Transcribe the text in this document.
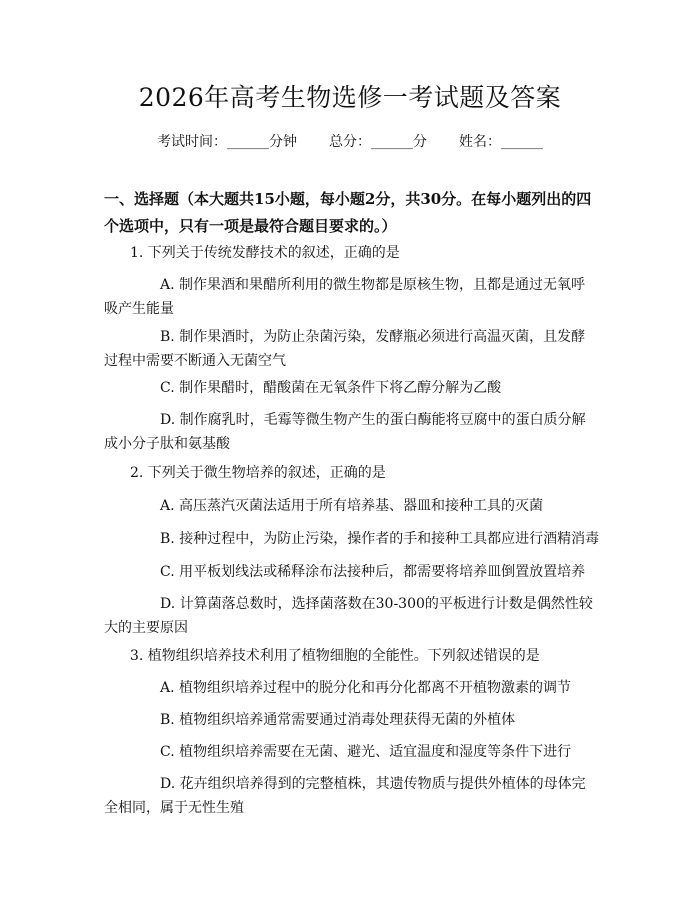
2026年高考生物选修一考试题及答案
考试时间：______分钟 总分：______分 姓名：______
一、选择题（本大题共15小题，每小题2分，共30分。在每小题列出的四个选项中，只有一项是最符合题目要求的。）
1. 下列关于传统发酵技术的叙述，正确的是
A. 制作果酒和果醋所利用的微生物都是原核生物，且都是通过无氧呼吸产生能量
B. 制作果酒时，为防止杂菌污染，发酵瓶必须进行高温灭菌，且发酵过程中需要不断通入无菌空气
C. 制作果醋时，醋酸菌在无氧条件下将乙醇分解为乙酸
D. 制作腐乳时，毛霉等微生物产生的蛋白酶能将豆腐中的蛋白质分解成小分子肽和氨基酸
2. 下列关于微生物培养的叙述，正确的是
A. 高压蒸汽灭菌法适用于所有培养基、器皿和接种工具的灭菌
B. 接种过程中，为防止污染，操作者的手和接种工具都应进行酒精消毒
C. 用平板划线法或稀释涂布法接种后，都需要将培养皿倒置放置培养
D. 计算菌落总数时，选择菌落数在30-300的平板进行计数是偶然性较大的主要原因
3. 植物组织培养技术利用了植物细胞的全能性。下列叙述错误的是
A. 植物组织培养过程中的脱分化和再分化都离不开植物激素的调节
B. 植物组织培养通常需要通过消毒处理获得无菌的外植体
C. 植物组织培养需要在无菌、避光、适宜温度和湿度等条件下进行
D. 花卉组织培养得到的完整植株，其遗传物质与提供外植体的母体完全相同，属于无性生殖
